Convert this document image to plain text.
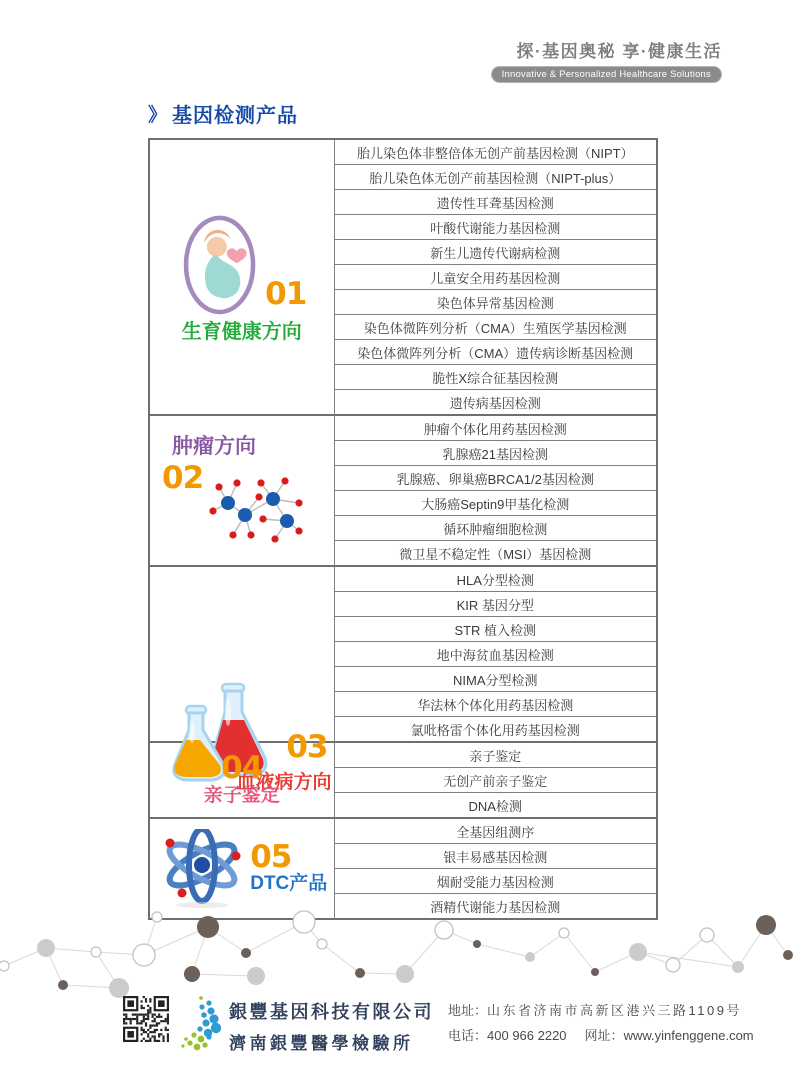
探·基因奥秘 享·健康生活
Innovative & Personalized Healthcare Solutions
》 基因检测产品
01
生育健康方向	胎儿染色体非整倍体无创产前基因检测（NIPT）
	胎儿染色体无创产前基因检测（NIPT-plus）
	遗传性耳聋基因检测
	叶酸代谢能力基因检测
	新生儿遗传代谢病检测
	儿童安全用药基因检测
	染色体异常基因检测
	染色体微阵列分析（CMA）生殖医学基因检测
	染色体微阵列分析（CMA）遗传病诊断基因检测
	脆性X综合征基因检测
	遗传病基因检测

肿瘤方向
02	肿瘤个体化用药基因检测
	乳腺癌21基因检测
	乳腺癌、卵巢癌BRCA1/2基因检测
	大肠癌Septin9甲基化检测
	循环肿瘤细胞检测
	微卫星不稳定性（MSI）基因检测

03
血液病方向	HLA分型检测
	KIR 基因分型
	STR 植入检测
	地中海贫血基因检测
	NIMA分型检测
	华法林个体化用药基因检测
	氯吡格雷个体化用药基因检测

04
亲子鉴定	亲子鉴定
	无创产前亲子鉴定
	DNA检测

05
DTC产品	全基因组测序
	银丰易感基因检测
	烟耐受能力基因检测
	酒精代谢能力基因检测
銀豐基因科技有限公司
濟南銀豐醫學檢驗所
地址：山东省济南市高新区港兴三路1109号
电话：400 966 2220 网址：www.yinfenggene.com
